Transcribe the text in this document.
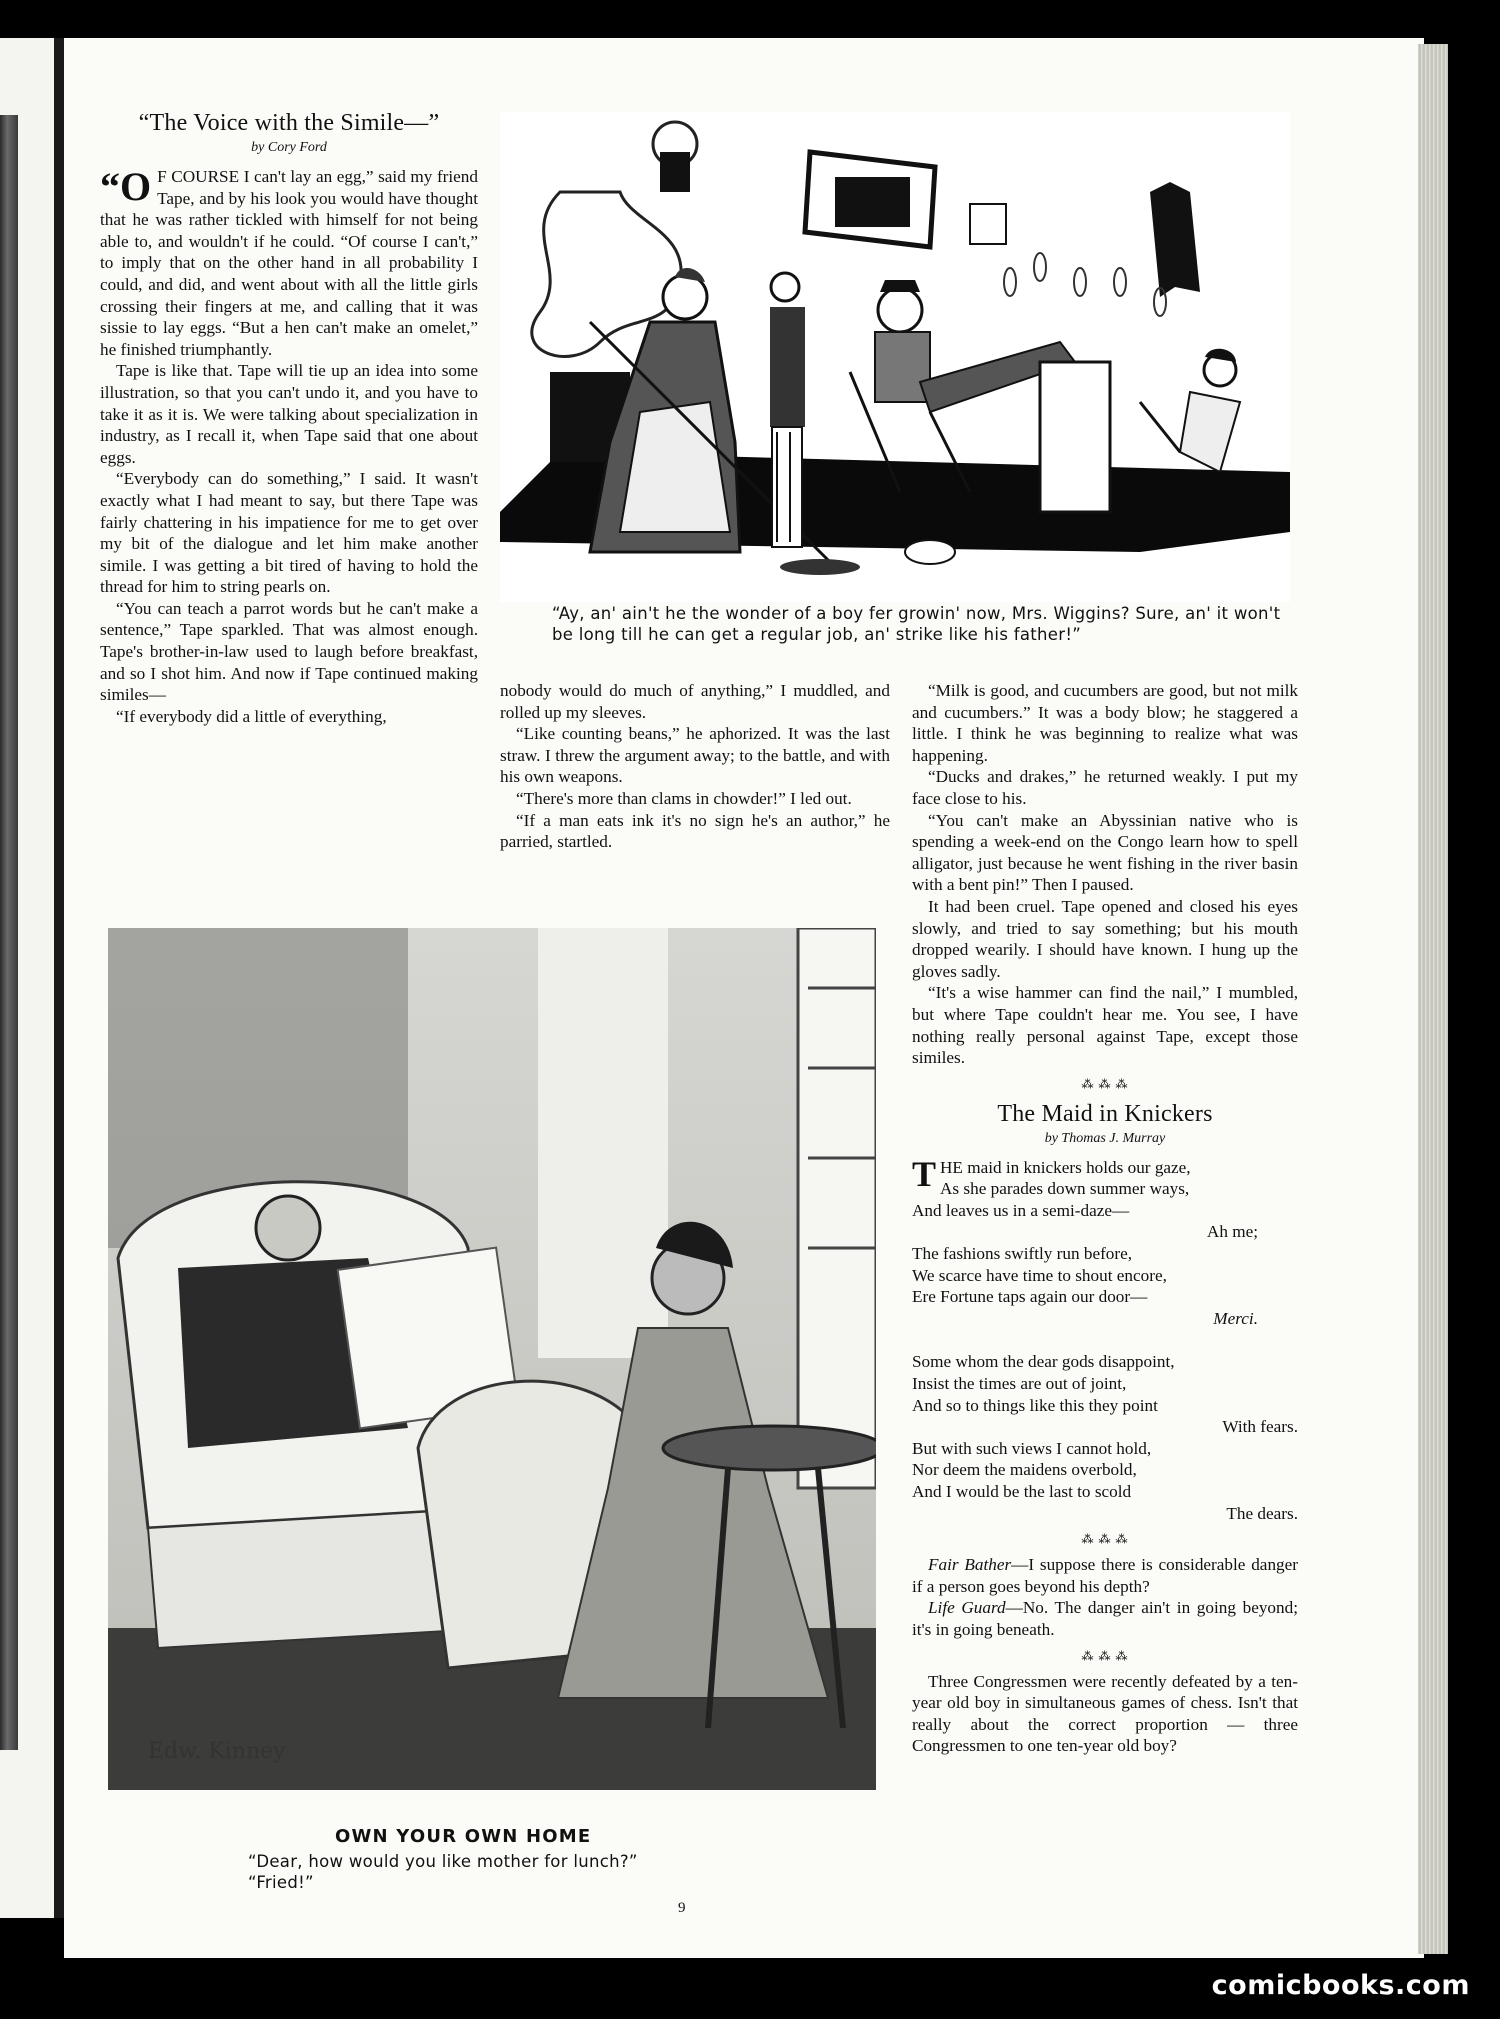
“The Voice with the Simile—”
by Cory Ford

“O F COURSE I can't lay an egg,” said my friend Tape, and by his look you would have thought that he was rather tickled with himself for not being able to, and wouldn't if he could. “Of course I can't,” to imply that on the other hand in all probability I could, and did, and went about with all the little girls crossing their fingers at me, and calling that it was sissie to lay eggs. “But a hen can't make an omelet,” he finished triumphantly.

Tape is like that. Tape will tie up an idea into some illustration, so that you can't undo it, and you have to take it as it is. We were talking about specialization in industry, as I recall it, when Tape said that one about eggs.

“Everybody can do something,” I said. It wasn't exactly what I had meant to say, but there Tape was fairly chattering in his impatience for me to get over my bit of the dialogue and let him make another simile. I was getting a bit tired of having to hold the thread for him to string pearls on.

“You can teach a parrot words but he can't make a sentence,” Tape sparkled. That was almost enough. Tape's brother-in-law used to laugh before breakfast, and so I shot him. And now if Tape continued making similes—

“If everybody did a little of everything,

“Ay, an' ain't he the wonder of a boy fer growin' now, Mrs. Wiggins? Sure, an' it won't be long till he can get a regular job, an' strike like his father!”

nobody would do much of anything,” I muddled, and rolled up my sleeves.

“Like counting beans,” he aphorized. It was the last straw. I threw the argument away; to the battle, and with his own weapons.

“There's more than clams in chowder!” I led out.

“If a man eats ink it's no sign he's an author,” he parried, startled.

“Milk is good, and cucumbers are good, but not milk and cucumbers.” It was a body blow; he staggered a little. I think he was beginning to realize what was happening.

“Ducks and drakes,” he returned weakly. I put my face close to his.

“You can't make an Abyssinian native who is spending a week-end on the Congo learn how to spell alligator, just because he went fishing in the river basin with a bent pin!” Then I paused.

It had been cruel. Tape opened and closed his eyes slowly, and tried to say something; but his mouth dropped wearily. I should have known. I hung up the gloves sadly.

“It's a wise hammer can find the nail,” I mumbled, but where Tape couldn't hear me. You see, I have nothing really personal against Tape, except those similes.

⁂ ⁂ ⁂
The Maid in Knickers
by Thomas J. Murray
THE maid in knickers holds our gaze,
As she parades down summer ways,
And leaves us in a semi-daze—
Ah me;
The fashions swiftly run before,
We scarce have time to shout encore,
Ere Fortune taps again our door—
Merci.
Some whom the dear gods disappoint,
Insist the times are out of joint,
And so to things like this they point
With fears.
But with such views I cannot hold,
Nor deem the maidens overbold,
And I would be the last to scold
The dears.
⁂ ⁂ ⁂

Fair Bather—I suppose there is considerable danger if a person goes beyond his depth?

Life Guard—No. The danger ain't in going beyond; it's in going beneath.

⁂ ⁂ ⁂

Three Congressmen were recently defeated by a ten-year old boy in simultaneous games of chess. Isn't that really about the correct proportion — three Congressmen to one ten-year old boy?

Edw. Kinney
OWN YOUR OWN HOME
“Dear, how would you like mother for lunch?”
“Fried!”
9
comicbooks.com
